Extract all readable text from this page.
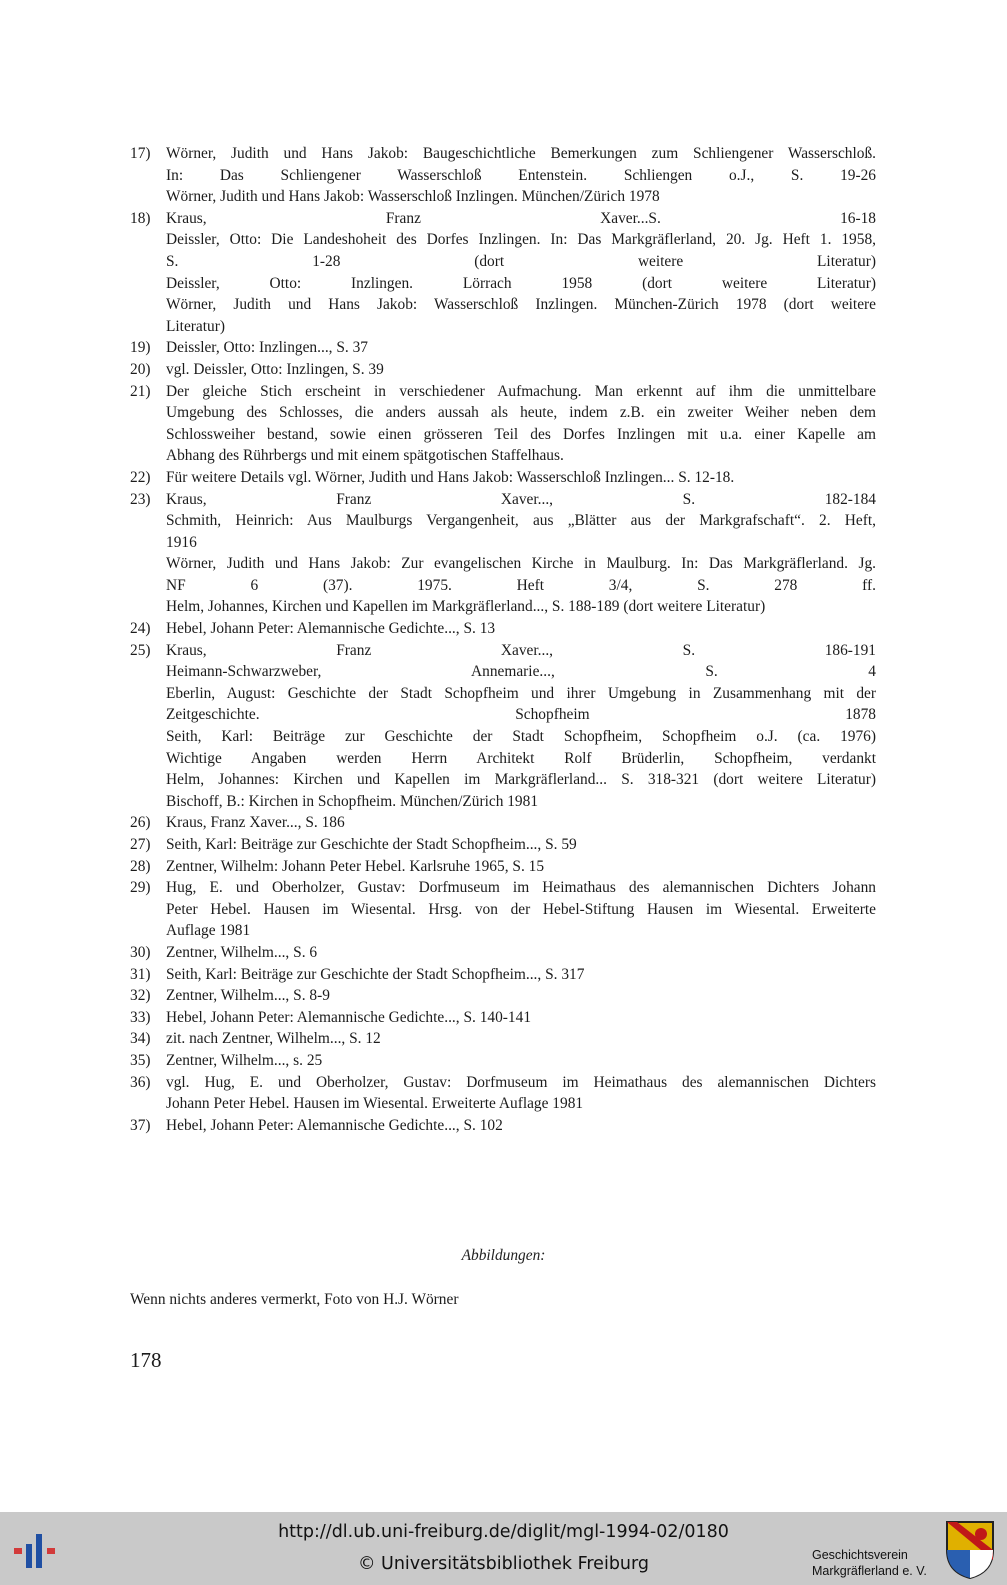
17)	Wörner, Judith und Hans Jakob: Baugeschichtliche Bemerkungen zum Schliengener Wasserschloß.
In: Das Schliengener Wasserschloß Entenstein. Schliengen o.J., S. 19-26
Wörner, Judith und Hans Jakob: Wasserschloß Inzlingen. München/Zürich 1978
18)	Kraus, Franz Xaver...S. 16-18
Deissler, Otto: Die Landeshoheit des Dorfes Inzlingen. In: Das Markgräflerland, 20. Jg. Heft 1. 1958,
S. 1-28 (dort weitere Literatur)
Deissler, Otto: Inzlingen. Lörrach 1958 (dort weitere Literatur)
Wörner, Judith und Hans Jakob: Wasserschloß Inzlingen. München-Zürich 1978 (dort weitere
Literatur)
19)	Deissler, Otto: Inzlingen..., S. 37
20)	vgl. Deissler, Otto: Inzlingen, S. 39
21)	Der gleiche Stich erscheint in verschiedener Aufmachung. Man erkennt auf ihm die unmittelbare
Umgebung des Schlosses, die anders aussah als heute, indem z.B. ein zweiter Weiher neben dem
Schlossweiher bestand, sowie einen grösseren Teil des Dorfes Inzlingen mit u.a. einer Kapelle am
Abhang des Rührbergs und mit einem spätgotischen Staffelhaus.
22)	Für weitere Details vgl. Wörner, Judith und Hans Jakob: Wasserschloß Inzlingen... S. 12-18.
23)	Kraus, Franz Xaver..., S. 182-184
Schmith, Heinrich: Aus Maulburgs Vergangenheit, aus „Blätter aus der Markgrafschaft“. 2. Heft,
1916
Wörner, Judith und Hans Jakob: Zur evangelischen Kirche in Maulburg. In: Das Markgräflerland. Jg.
NF 6 (37). 1975. Heft 3/4, S. 278 ff.
Helm, Johannes, Kirchen und Kapellen im Markgräflerland..., S. 188-189 (dort weitere Literatur)
24)	Hebel, Johann Peter: Alemannische Gedichte..., S. 13
25)	Kraus, Franz Xaver..., S. 186-191
Heimann-Schwarzweber, Annemarie..., S. 4
Eberlin, August: Geschichte der Stadt Schopfheim und ihrer Umgebung in Zusammenhang mit der
Zeitgeschichte. Schopfheim 1878
Seith, Karl: Beiträge zur Geschichte der Stadt Schopfheim, Schopfheim o.J. (ca. 1976)
Wichtige Angaben werden Herrn Architekt Rolf Brüderlin, Schopfheim, verdankt
Helm, Johannes: Kirchen und Kapellen im Markgräflerland... S. 318-321 (dort weitere Literatur)
Bischoff, B.: Kirchen in Schopfheim. München/Zürich 1981
26)	Kraus, Franz Xaver..., S. 186
27)	Seith, Karl: Beiträge zur Geschichte der Stadt Schopfheim..., S. 59
28)	Zentner, Wilhelm: Johann Peter Hebel. Karlsruhe 1965, S. 15
29)	Hug, E. und Oberholzer, Gustav: Dorfmuseum im Heimathaus des alemannischen Dichters Johann
Peter Hebel. Hausen im Wiesental. Hrsg. von der Hebel-Stiftung Hausen im Wiesental. Erweiterte
Auflage 1981
30)	Zentner, Wilhelm..., S. 6
31)	Seith, Karl: Beiträge zur Geschichte der Stadt Schopfheim..., S. 317
32)	Zentner, Wilhelm..., S. 8-9
33)	Hebel, Johann Peter: Alemannische Gedichte..., S. 140-141
34)	zit. nach Zentner, Wilhelm..., S. 12
35)	Zentner, Wilhelm..., s. 25
36)	vgl. Hug, E. und Oberholzer, Gustav: Dorfmuseum im Heimathaus des alemannischen Dichters
Johann Peter Hebel. Hausen im Wiesental. Erweiterte Auflage 1981
37)	Hebel, Johann Peter: Alemannische Gedichte..., S. 102
Abbildungen:
Wenn nichts anderes vermerkt, Foto von H.J. Wörner
178
http://dl.ub.uni-freiburg.de/diglit/mgl-1994-02/0180
© Universitätsbibliothek Freiburg	Geschichtsverein
Markgräflerland e. V.
